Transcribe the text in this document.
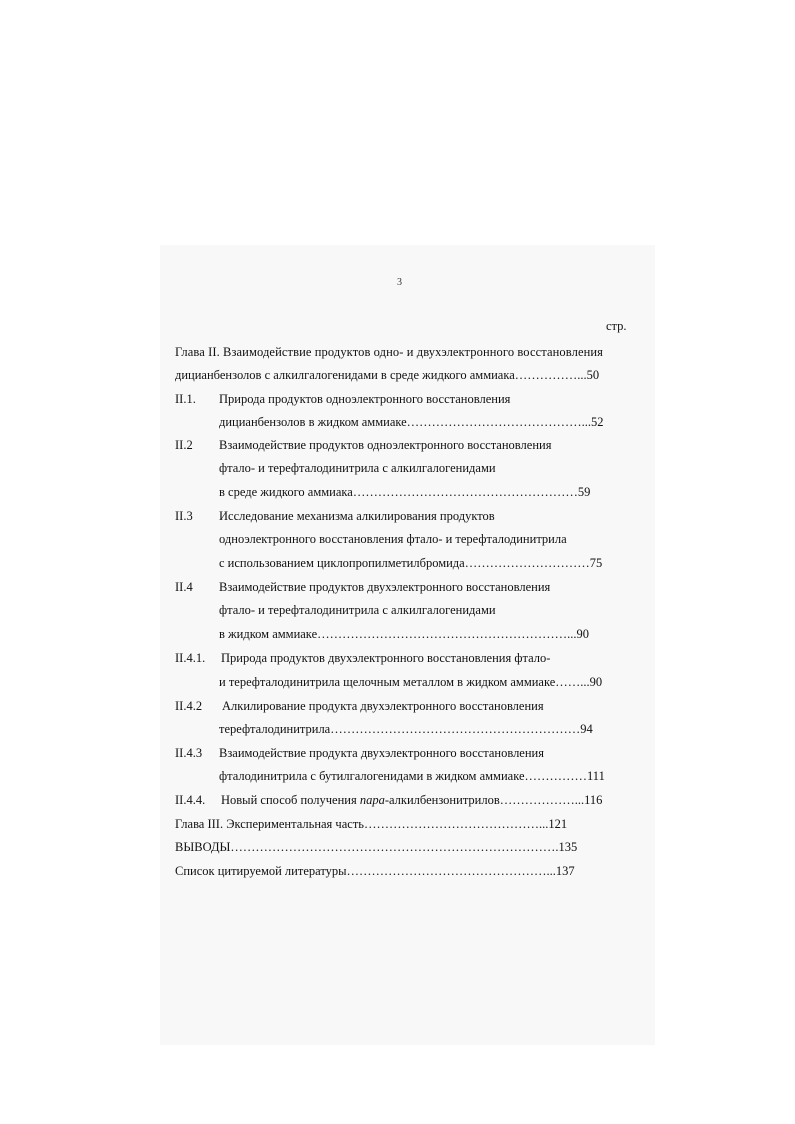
3
стр.
Глава II. Взаимодействие продуктов одно- и двухэлектронного восстановления
дицианбензолов с алкилгалогенидами в среде жидкого аммиака……………...50
II.1. Природа продуктов одноэлектронного восстановления
дицианбензолов в жидком аммиаке……………………………………...52
II.2 Взаимодействие продуктов одноэлектронного восстановления
фтало- и терефталодинитрила с алкилгалогенидами
в среде жидкого аммиака………………………………………………59
II.3 Исследование механизма алкилирования продуктов
одноэлектронного восстановления фтало- и терефталодинитрила
с использованием циклопропилметилбромида…………………………75
II.4 Взаимодействие продуктов двухэлектронного восстановления
фтало- и терефталодинитрила с алкилгалогенидами
в жидком аммиаке……………………………………………………...90
II.4.1. Природа продуктов двухэлектронного восстановления фтало-
и терефталодинитрила щелочным металлом в жидком аммиаке……...90
II.4.2 Алкилирование продукта двухэлектронного восстановления
терефталодинитрила……………………………………………………94
II.4.3 Взаимодействие продукта двухэлектронного восстановления
фталодинитрила с бутилгалогенидами в жидком аммиаке……………111
II.4.4. Новый способ получения пара-алкилбензонитрилов………………...116
Глава III. Экспериментальная часть……………………………………...121
ВЫВОДЫ…………………………………………………………………….135
Список цитируемой литературы…………………………………………...137
